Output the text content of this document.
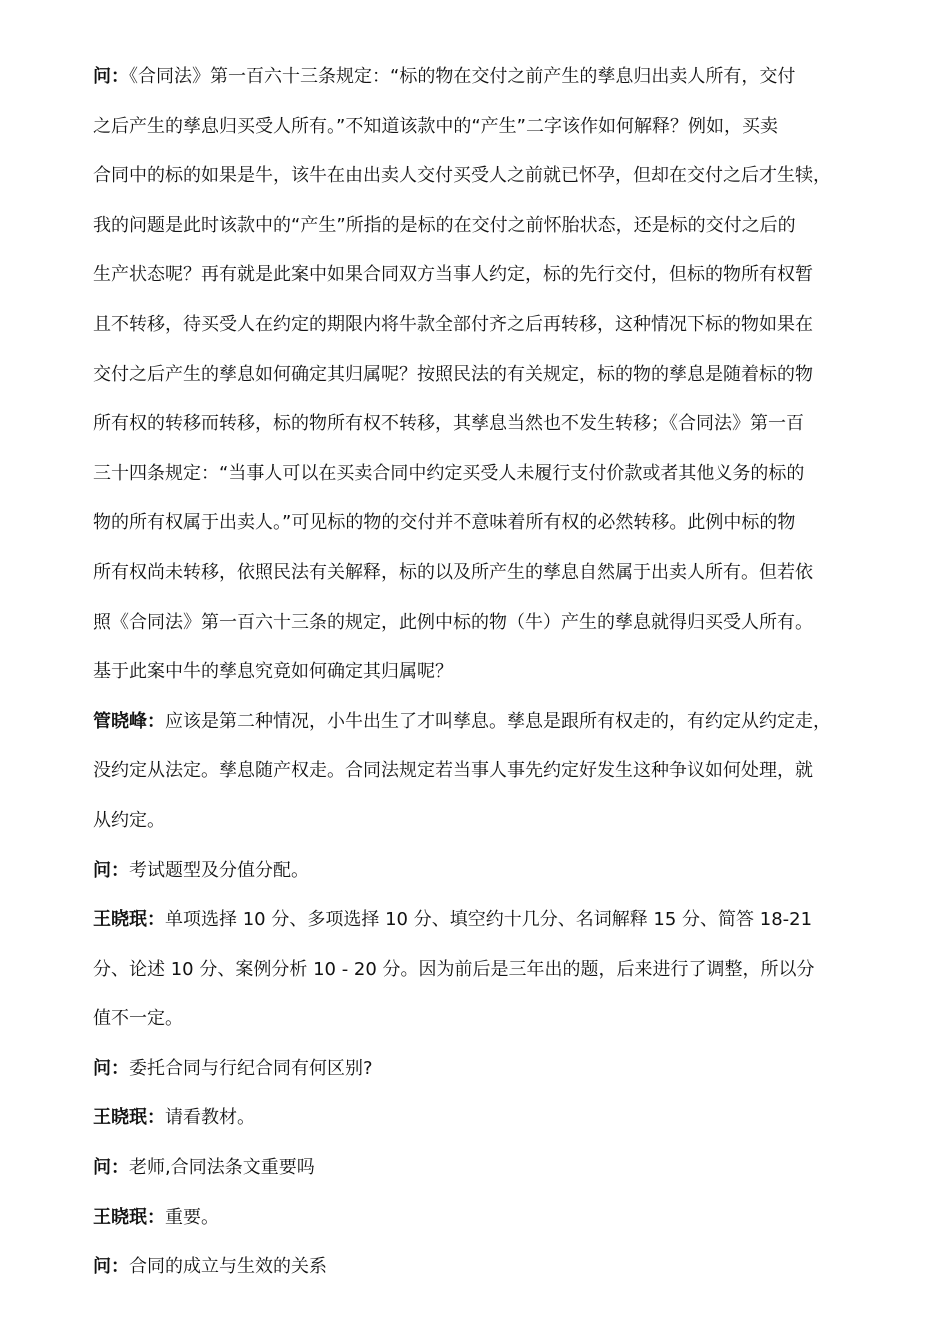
问：《合同法》第一百六十三条规定：“标的物在交付之前产生的孳息归出卖人所有，交付
之后产生的孳息归买受人所有。”不知道该款中的“产生”二字该作如何解释？例如，买卖
合同中的标的如果是牛，该牛在由出卖人交付买受人之前就已怀孕，但却在交付之后才生犊，
我的问题是此时该款中的“产生”所指的是标的在交付之前怀胎状态，还是标的交付之后的
生产状态呢？再有就是此案中如果合同双方当事人约定，标的先行交付，但标的物所有权暂
且不转移，待买受人在约定的期限内将牛款全部付齐之后再转移，这种情况下标的物如果在
交付之后产生的孳息如何确定其归属呢？按照民法的有关规定，标的物的孳息是随着标的物
所有权的转移而转移，标的物所有权不转移，其孳息当然也不发生转移；《合同法》第一百
三十四条规定：“当事人可以在买卖合同中约定买受人未履行支付价款或者其他义务的标的
物的所有权属于出卖人。”可见标的物的交付并不意味着所有权的必然转移。此例中标的物
所有权尚未转移，依照民法有关解释，标的以及所产生的孳息自然属于出卖人所有。但若依
照《合同法》第一百六十三条的规定，此例中标的物（牛）产生的孳息就得归买受人所有。
基于此案中牛的孳息究竟如何确定其归属呢？
管晓峰：应该是第二种情况，小牛出生了才叫孳息。孳息是跟所有权走的，有约定从约定走，
没约定从法定。孳息随产权走。合同法规定若当事人事先约定好发生这种争议如何处理，就
从约定。
问：考试题型及分值分配。
王晓珉：单项选择 10 分、多项选择 10 分、填空约十几分、名词解释 15 分、简答 18-21
分、论述 10 分、案例分析 10 - 20 分。因为前后是三年出的题，后来进行了调整，所以分
值不一定。
问：委托合同与行纪合同有何区别?
王晓珉：请看教材。
问：老师,合同法条文重要吗
王晓珉：重要。
问：合同的成立与生效的关系
